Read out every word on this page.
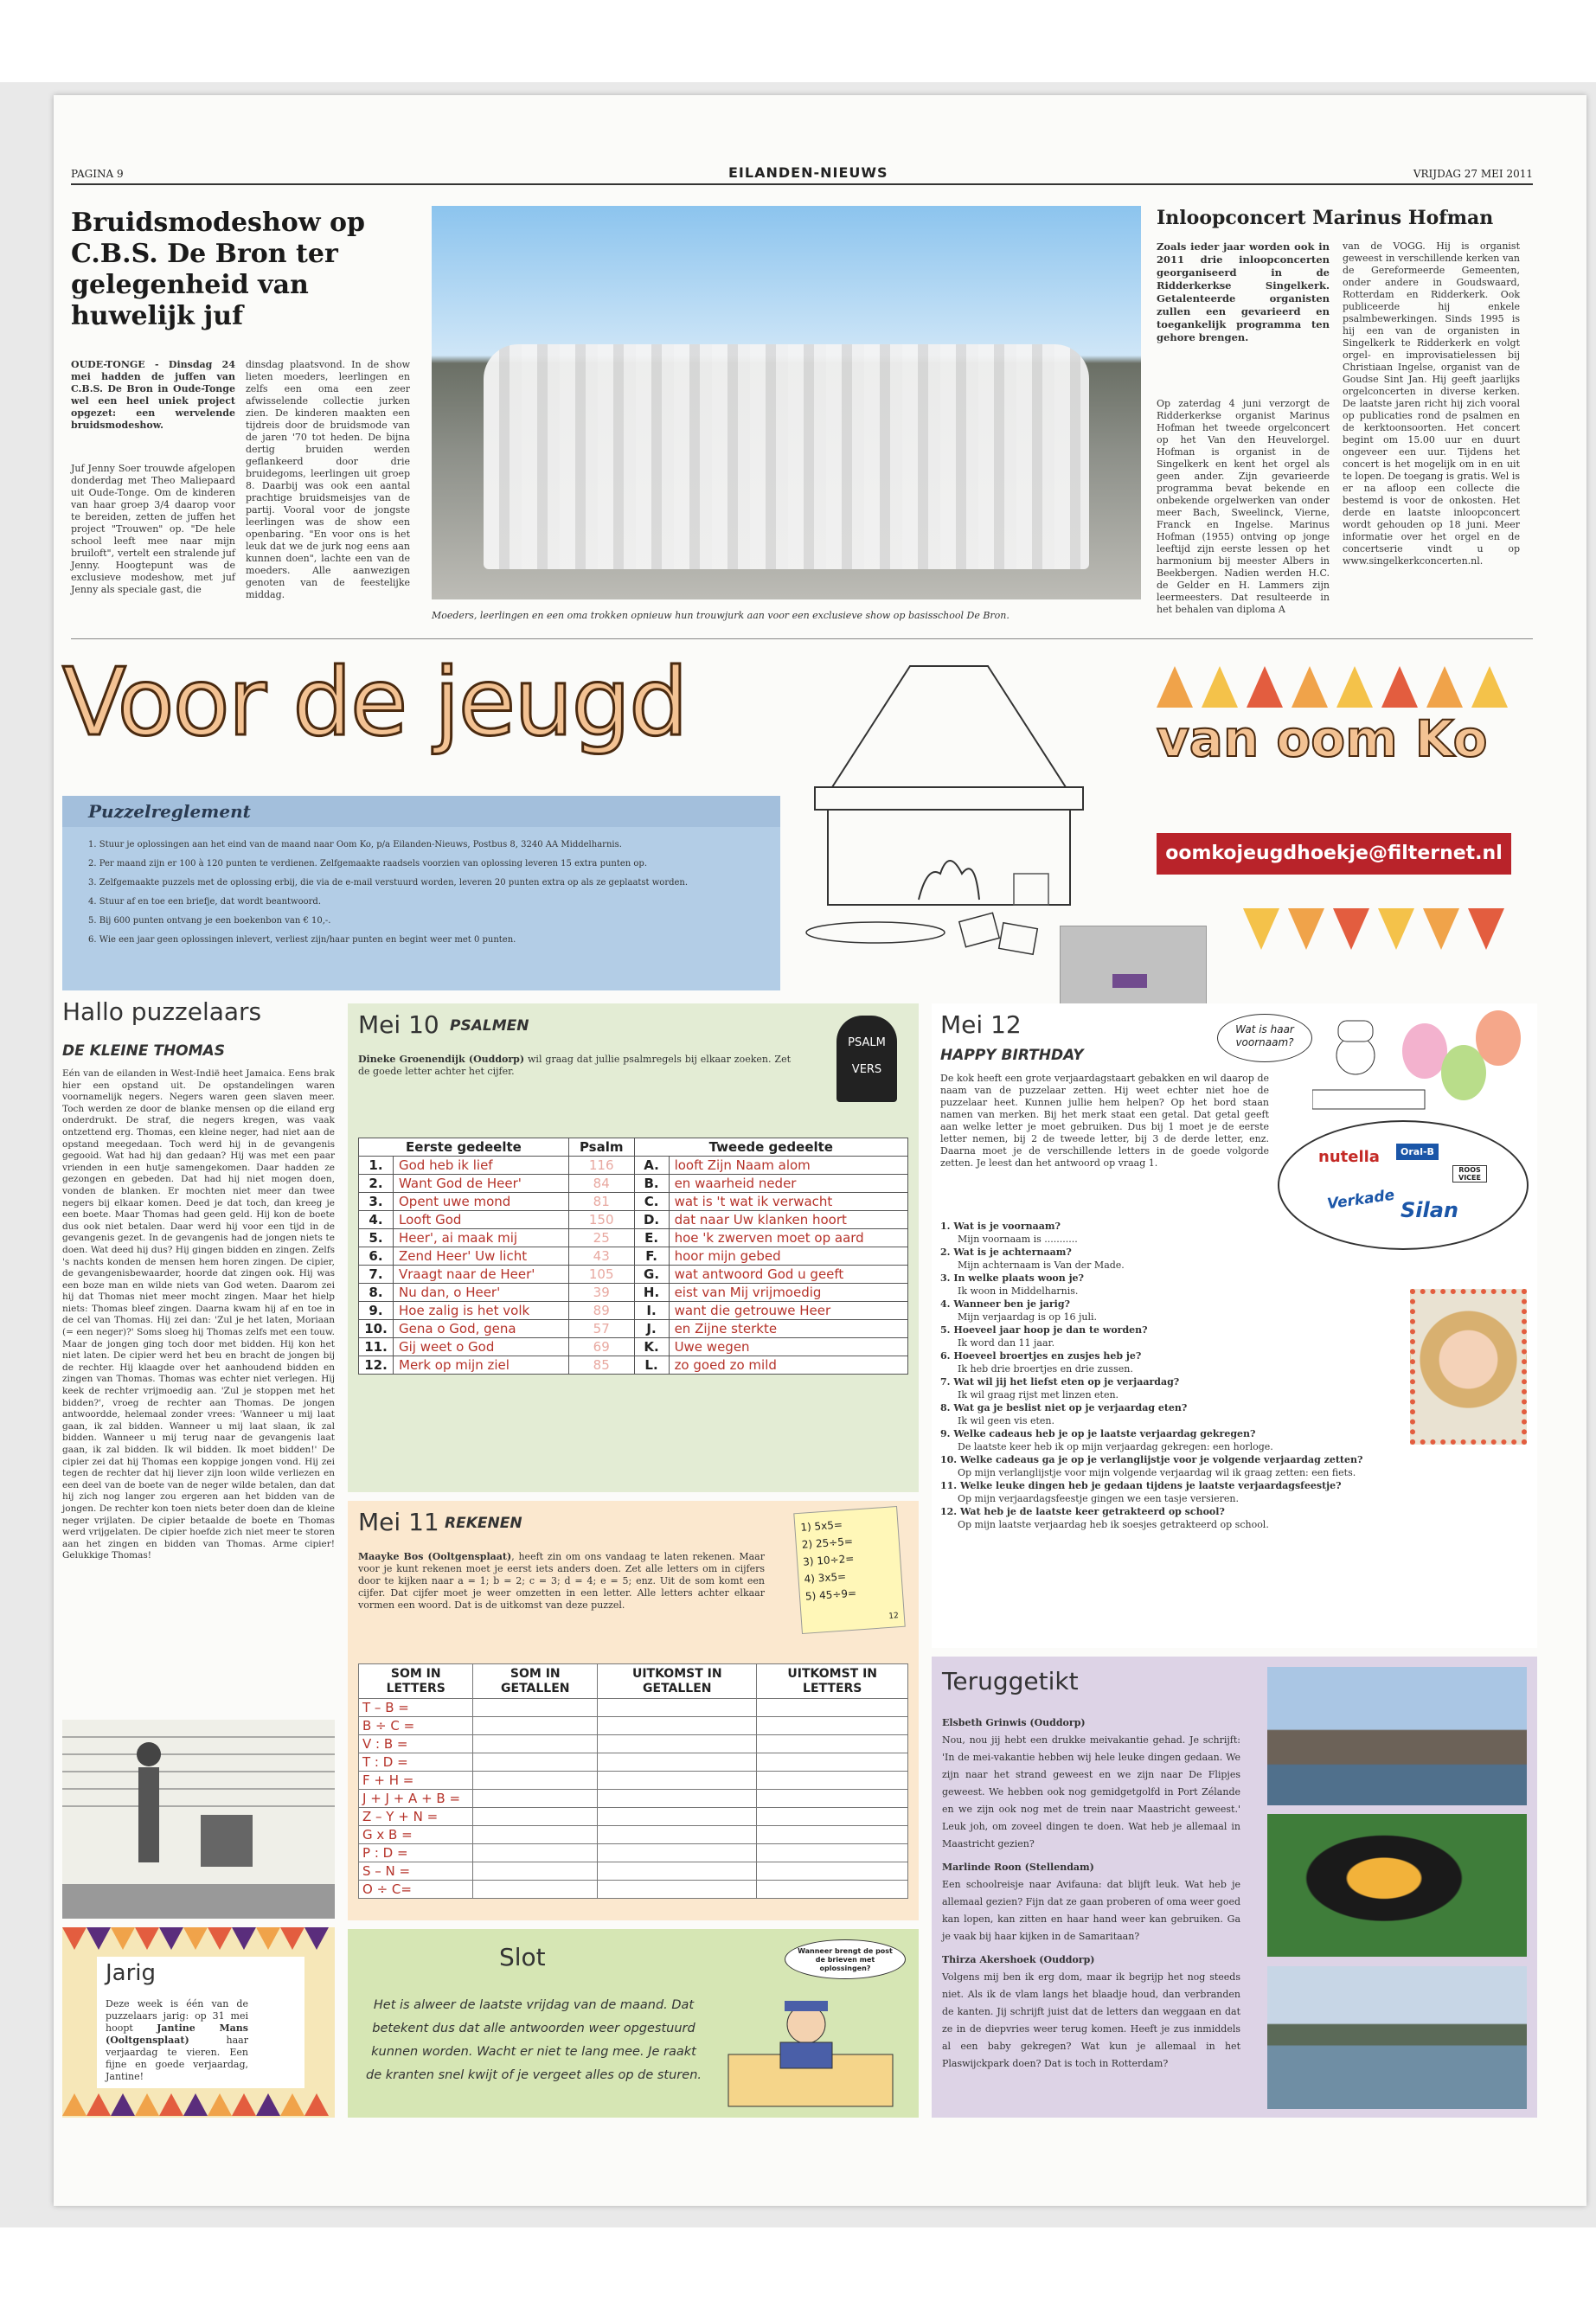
PAGINA 9	EILANDEN-NIEUWS	VRIJDAG 27 MEI 2011
Bruidsmodeshow op C.B.S. De Bron ter gelegenheid van huwelijk juf
OUDE-TONGE - Dinsdag 24 mei hadden de juffen van C.B.S. De Bron in Oude-Tonge wel een heel uniek project opgezet: een wervelende bruidsmodeshow.
Juf Jenny Soer trouwde afgelopen donderdag met Theo Maliepaard uit Oude-Tonge. Om de kinderen van haar groep 3/4 daarop voor te bereiden, zetten de juffen het project "Trouwen" op. "De hele school leeft mee naar mijn bruiloft", vertelt een stralende juf Jenny. Hoogtepunt was de exclusieve modeshow, met juf Jenny als speciale gast, die
dinsdag plaatsvond. In de show lieten moeders, leerlingen en zelfs een oma een zeer afwisselende collectie jurken zien. De kinderen maakten een tijdreis door de bruidsmode van de jaren '70 tot heden. De bijna dertig bruiden werden geflankeerd door drie bruidegoms, leerlingen uit groep 8. Daarbij was ook een aantal prachtige bruidsmeisjes van de partij. Vooral voor de jongste leerlingen was de show een openbaring. "En voor ons is het leuk dat we de jurk nog eens aan kunnen doen", lachte een van de moeders. Alle aanwezigen genoten van de feestelijke middag.
Moeders, leerlingen en een oma trokken opnieuw hun trouwjurk aan voor een exclusieve show op basisschool De Bron.
Inloopconcert Marinus Hofman
Zoals ieder jaar worden ook in 2011 drie inloopconcerten georganiseerd in de Ridderkerkse Singelkerk. Getalenteerde organisten zullen een gevarieerd en toegankelijk programma ten gehore brengen.
Op zaterdag 4 juni verzorgt de Ridderkerkse organist Marinus Hofman het tweede orgelconcert op het Van den Heuvelorgel. Hofman is organist in de Singelkerk en kent het orgel als geen ander. Zijn gevarieerde programma bevat bekende en onbekende orgelwerken van onder meer Bach, Sweelinck, Vierne, Franck en Ingelse. Marinus Hofman (1955) ontving op jonge leeftijd zijn eerste lessen op het harmonium bij meester Albers in Beekbergen. Nadien werden H.C. de Gelder en H. Lammers zijn leermeesters. Dat resulteerde in het behalen van diploma A
van de VOGG. Hij is organist geweest in verschillende kerken van de Gereformeerde Gemeenten, onder andere in Goudswaard, Rotterdam en Ridderkerk. Ook publiceerde hij enkele psalmbewerkingen. Sinds 1995 is hij een van de organisten in Singelkerk te Ridderkerk en volgt orgel- en improvisatielessen bij Christiaan Ingelse, organist van de Goudse Sint Jan. Hij geeft jaarlijks orgelconcerten in diverse kerken. De laatste jaren richt hij zich vooral op publicaties rond de psalmen en de kerktoonsoorten. Het concert begint om 15.00 uur en duurt ongeveer een uur. Tijdens het concert is het mogelijk om in en uit te lopen. De toegang is gratis. Wel is er na afloop een collecte die bestemd is voor de onkosten. Het derde en laatste inloopconcert wordt gehouden op 18 juni. Meer informatie over het orgel en de concertserie vindt u op www.singelkerkconcerten.nl.
Voor de jeugd	van oom Ko
oomkojeugdhoekje@filternet.nl
Puzzelreglement
1. Stuur je oplossingen aan het eind van de maand naar Oom Ko, p/a Eilanden-Nieuws, Postbus 8, 3240 AA Middelharnis.
2. Per maand zijn er 100 à 120 punten te verdienen. Zelfgemaakte raadsels voorzien van oplossing leveren 15 extra punten op.
3. Zelfgemaakte puzzels met de oplossing erbij, die via de e-mail verstuurd worden, leveren 20 punten extra op als ze geplaatst worden.
4. Stuur af en toe een briefje, dat wordt beantwoord.
5. Bij 600 punten ontvang je een boekenbon van € 10,-.
6. Wie een jaar geen oplossingen inlevert, verliest zijn/haar punten en begint weer met 0 punten.
Hallo puzzelaars
DE KLEINE THOMAS
Eén van de eilanden in West-Indië heet Jamaica. Eens brak hier een opstand uit. De opstandelingen waren voornamelijk negers. Negers waren geen slaven meer. Toch werden ze door de blanke mensen op die eiland erg onderdrukt. De straf, die negers kregen, was vaak ontzettend erg. Thomas, een kleine neger, had niet aan de opstand meegedaan. Toch werd hij in de gevangenis gegooid. Wat had hij dan gedaan? Hij was met een paar vrienden in een hutje samengekomen. Daar hadden ze gezongen en gebeden. Dat had hij niet mogen doen, vonden de blanken. Er mochten niet meer dan twee negers bij elkaar komen. Deed je dat toch, dan kreeg je een boete. Maar Thomas had geen geld. Hij kon de boete dus ook niet betalen. Daar werd hij voor een tijd in de gevangenis gezet. In de gevangenis had de jongen niets te doen. Wat deed hij dus? Hij gingen bidden en zingen. Zelfs 's nachts konden de mensen hem horen zingen. De cipier, de gevangenisbewaarder, hoorde dat zingen ook. Hij was een boze man en wilde niets van God weten. Daarom zei hij dat Thomas niet meer mocht zingen. Maar het hielp niets: Thomas bleef zingen. Daarna kwam hij af en toe in de cel van Thomas. Hij zei dan: 'Zul je het laten, Moriaan (= een neger)?' Soms sloeg hij Thomas zelfs met een touw. Maar de jongen ging toch door met bidden. Hij kon het niet laten. De cipier werd het beu en bracht de jongen bij de rechter. Hij klaagde over het aanhoudend bidden en zingen van Thomas. Thomas was echter niet verlegen. Hij keek de rechter vrijmoedig aan. 'Zul je stoppen met het bidden?', vroeg de rechter aan Thomas. De jongen antwoordde, helemaal zonder vrees: 'Wanneer u mij laat gaan, ik zal bidden. Wanneer u mij laat slaan, ik zal bidden. Wanneer u mij terug naar de gevangenis laat gaan, ik zal bidden. Ik wil bidden. Ik moet bidden!' De cipier zei dat hij Thomas een koppige jongen vond. Hij zei tegen de rechter dat hij liever zijn loon wilde verliezen en een deel van de boete van de neger wilde betalen, dan dat hij zich nog langer zou ergeren aan het bidden van de jongen. De rechter kon toen niets beter doen dan de kleine neger vrijlaten. De cipier betaalde de boete en Thomas werd vrijgelaten. De cipier hoefde zich niet meer te storen aan het zingen en bidden van Thomas. Arme cipier! Gelukkige Thomas!
Jarig
Deze week is één van de puzzelaars jarig: op 31 mei hoopt Jantine Mans (Ooltgensplaat) haar verjaardag te vieren. Een fijne en goede verjaardag, Jantine!
Mei 10 PSALMEN
Dineke Groenendijk (Ouddorp) wil graag dat jullie psalmregels bij elkaar zoeken. Zet de goede letter achter het cijfer.
PSALM
VERS
Eerste gedeelte		Psalm	Tweede gedeelte	
1.	God heb ik lief	116	A.	looft Zijn Naam alom
2.	Want God de Heer'	84	B.	en waarheid neder
3.	Opent uwe mond	81	C.	wat is 't wat ik verwacht
4.	Looft God	150	D.	dat naar Uw klanken hoort
5.	Heer', ai maak mij	25	E.	hoe 'k zwerven moet op aard
6.	Zend Heer' Uw licht	43	F.	hoor mijn gebed
7.	Vraagt naar de Heer'	105	G.	wat antwoord God u geeft
8.	Nu dan, o Heer'	39	H.	eist van Mij vrijmoedig
9.	Hoe zalig is het volk	89	I.	want die getrouwe Heer
10.	Gena o God, gena	57	J.	en Zijne sterkte
11.	Gij weet o God	69	K.	Uwe wegen
12.	Merk op mijn ziel	85	L.	zo goed zo mild
Mei 11 REKENEN
Maayke Bos (Ooltgensplaat), heeft zin om ons vandaag te laten rekenen. Maar voor je kunt rekenen moet je eerst iets anders doen. Zet alle letters om in cijfers door te kijken naar a = 1; b = 2; c = 3; d = 4; e = 5; enz. Uit de som komt een cijfer. Dat cijfer moet je weer omzetten in een letter. Alle letters achter elkaar vormen een woord. Dat is de uitkomst van deze puzzel.
1) 5x5=
2) 25÷5=
3) 10÷2=
4) 3x5=
5) 45÷9=
12
SOM IN LETTERS	SOM IN GETALLEN	UITKOMST IN GETALLEN	UITKOMST IN LETTERS
T – B =			
B ÷ C =			
V : B =			
T : D =			
F + H =			
J + J + A + B =			
Z – Y + N =			
G x B =			
P : D =			
S – N =			
O ÷ C=			
Slot
Het is alweer de laatste vrijdag van de maand. Dat betekent dus dat alle antwoorden weer opgestuurd kunnen worden. Wacht er niet te lang mee. Je raakt de kranten snel kwijt of je vergeet alles op de sturen.
Wanneer brengt de post de brieven met oplossingen?
Mei 12
HAPPY BIRTHDAY
Wat is haar voornaam?
De kok heeft een grote verjaardagstaart gebakken en wil daarop de naam van de puzzelaar zetten. Hij weet echter niet hoe de puzzelaar heet. Kunnen jullie hem helpen? Op het bord staan namen van merken. Bij het merk staat een getal. Dat getal geeft aan welke letter je moet gebruiken. Dus bij 1 moet je de eerste letter nemen, bij 2 de tweede letter, bij 3 de derde letter, enz. Daarna moet je de verschillende letters in de goede volgorde zetten. Je leest dan het antwoord op vraag 1.	nutella	Oral-B
ROOS VICEE
Verkade Silan
1. Wat is je voornaam?
Mijn voornaam is ...........
2. Wat is je achternaam?
Mijn achternaam is Van der Made.
3. In welke plaats woon je?
Ik woon in Middelharnis.
4. Wanneer ben je jarig?
Mijn verjaardag is op 16 juli.
5. Hoeveel jaar hoop je dan te worden?
Ik word dan 11 jaar.
6. Hoeveel broertjes en zusjes heb je?
Ik heb drie broertjes en drie zussen.
7. Wat wil jij het liefst eten op je verjaardag?
Ik wil graag rijst met linzen eten.
8. Wat ga je beslist niet op je verjaardag eten?
Ik wil geen vis eten.
9. Welke cadeaus heb je op je laatste verjaardag gekregen?
De laatste keer heb ik op mijn verjaardag gekregen: een horloge.
10. Welke cadeaus ga je op je verlanglijstje voor je volgende verjaardag zetten?
Op mijn verlanglijstje voor mijn volgende verjaardag wil ik graag zetten: een fiets.
11. Welke leuke dingen heb je gedaan tijdens je laatste verjaardagsfeestje?
Op mijn verjaardagsfeestje gingen we een tasje versieren.
12. Wat heb je de laatste keer getrakteerd op school?
Op mijn laatste verjaardag heb ik soesjes getrakteerd op school.
Teruggetikt
Elsbeth Grinwis (Ouddorp)
Nou, nou jij hebt een drukke meivakantie gehad. Je schrijft: 'In de mei-vakantie hebben wij hele leuke dingen gedaan. We zijn naar het strand geweest en we zijn naar De Flipjes geweest. We hebben ook nog gemidgetgolfd in Port Zélande en we zijn ook nog met de trein naar Maastricht geweest.' Leuk joh, om zoveel dingen te doen. Wat heb je allemaal in Maastricht gezien?
Marlinde Roon (Stellendam)
Een schoolreisje naar Avifauna: dat blijft leuk. Wat heb je allemaal gezien? Fijn dat ze gaan proberen of oma weer goed kan lopen, kan zitten en haar hand weer kan gebruiken. Ga je vaak bij haar kijken in de Samaritaan?
Thirza Akershoek (Ouddorp)
Volgens mij ben ik erg dom, maar ik begrijp het nog steeds niet. Als ik de vlam langs het blaadje houd, dan verbranden de kanten. Jij schrijft juist dat de letters dan weggaan en dat ze in de diepvries weer terug komen. Heeft je zus inmiddels al een baby gekregen? Wat kun je allemaal in het Plaswijckpark doen? Dat is toch in Rotterdam?
